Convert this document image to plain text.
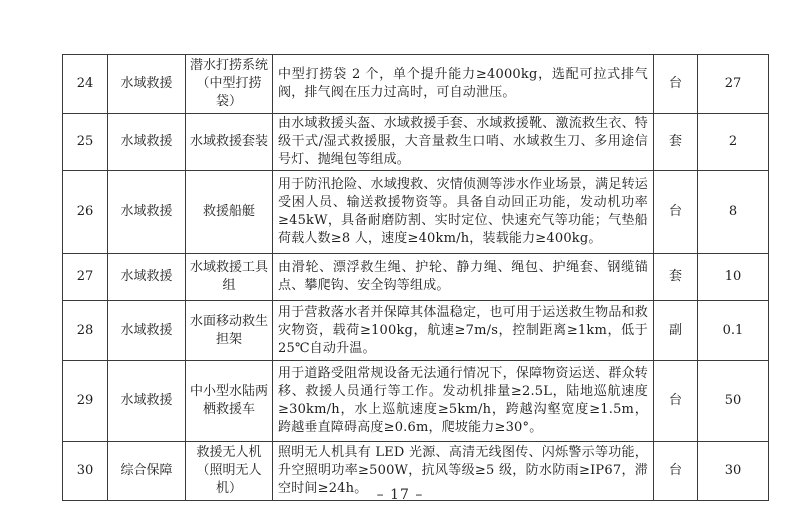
24	水域救援	潜水打捞系统（中型打捞袋）	中型打捞袋 2 个，单个提升能力≥4000kg，选配可拉式排气阀，排气阀在压力过高时，可自动泄压。	台	27
25	水域救援	水域救援套装	由水域救援头盔、水域救援手套、水域救援靴、激流救生衣、特级干式/湿式救援服，大音量救生口哨、水域救生刀、多用途信号灯、抛绳包等组成。	套	2
26	水域救援	救援船艇	用于防汛抢险、水域搜救、灾情侦测等涉水作业场景，满足转运受困人员、输送救援物资等。具备自动回正功能，发动机功率≥45kW，具备耐磨防割、实时定位、快速充气等功能；气垫船荷载人数≥8 人，速度≥40km/h，装载能力≥400kg。	台	8
27	水域救援	水域救援工具组	由滑轮、漂浮救生绳、护轮、静力绳、绳包、护绳套、钢缆锚点、攀爬钩、安全钩等组成。	套	10
28	水域救援	水面移动救生担架	用于营救落水者并保障其体温稳定，也可用于运送救生物品和救灾物资，载荷≥100kg，航速≥7m/s，控制距离≥1km，低于 25℃自动升温。	副	0.1
29	水域救援	中小型水陆两栖救援车	用于道路受阻常规设备无法通行情况下，保障物资运送、群众转移、救援人员通行等工作。发动机排量≥2.5L，陆地巡航速度≥30km/h，水上巡航速度≥5km/h，跨越沟壑宽度≥1.5m，跨越垂直障碍高度≥0.6m，爬坡能力≥30°。	台	50
30	综合保障	救援无人机（照明无人机）	照明无人机具有 LED 光源、高清无线图传、闪烁警示等功能，升空照明功率≥500W，抗风等级≥5 级，防水防雨≥IP67，滞空时间≥24h。	台	30
– 17 –
